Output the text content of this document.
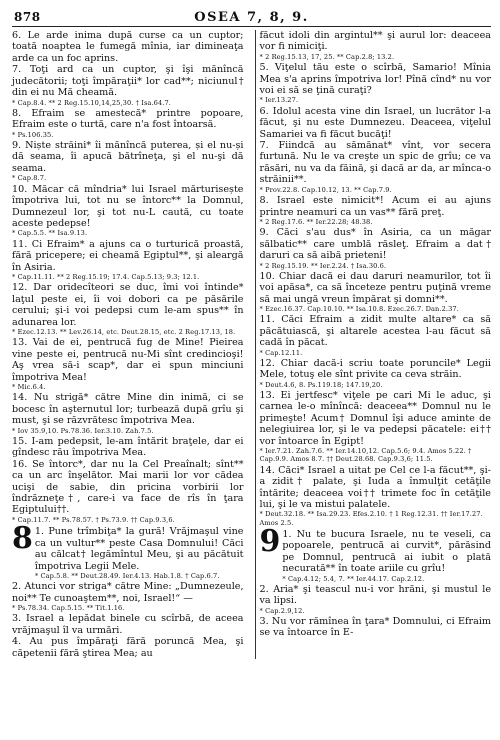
878	OSEA 7, 8, 9.

6. Le arde inima după curse ca un cuptor; toată noaptea le fumegă mînia, iar dimineaţa arde ca un foc aprins.

7. Toţi ard ca un cuptor, şi îşi mănîncă judecătorii; toţi împăraţii* lor cad**; niciunul† din ei nu Mă cheamă.

* Cap.8.4. ** 2 Reg.15.10,14,25,30. † Isa.64.7.

8. Efraim se amestecă* printre popoare, Efraim este o turtă, care n'a fost întoarsă.

* Ps.106.35.

9. Niște străini* îi mănîncă puterea, și el nu-și dă seama, îi apucă bătrîneţa, şi el nu-şi dă seama.

* Cap.8.7.

10. Măcar că mîndria* lui Israel mărturisește împotriva lui, tot nu se întorc** la Domnul, Dumnezeul lor, şi tot nu-L caută, cu toate aceste pedepse!

* Cap.5.5. ** Isa.9.13.

11. Ci Efraim* a ajuns ca o turturică proastă, fără pricepere; ei cheamă Egiptul**, şi aleargă în Asiria.

* Cap.11.11. ** 2 Reg.15.19; 17.4. Cap.5.13; 9.3; 12.1.

12. Dar oridecîteori se duc, îmi voi întinde* laţul peste ei, îi voi dobori ca pe păsările cerului; şi-i voi pedepsi cum le-am spus** în adunarea lor.

* Ezec.12.13. ** Lev.26.14, etc. Deut.28.15, etc. 2 Reg.17.13, 18.

13. Vai de ei, pentrucă fug de Mine! Pieirea vine peste ei, pentrucă nu-Mi sînt credincioşi! Aş vrea să-i scap*, dar ei spun minciuni împotriva Mea!

* Mic.6.4.

14. Nu strigă* către Mine din inimă, ci se bocesc în aşternutul lor; turbează după grîu şi must, şi se răzvrătesc împotriva Mea.

* Iov 35.9,10. Ps.78.36. Ier.3.10. Zah.7.5.

15. I-am pedepsit, le-am întărit braţele, dar ei gîndesc rău împotriva Mea.

16. Se întorc*, dar nu la Cel Preaînalt; sînt** ca un arc înşelător. Mai marii lor vor cădea ucişi de sabie, din pricina vorbirii lor îndrăzneţe†, care-i va face de rîs în ţara Egiptului††.

* Cap.11.7. ** Ps.78.57. † Ps.73.9. †† Cap.9.3,6.

8 1. Pune trîmbiţa* la gură! Vrăjmaşul vine ca un vultur** peste Casa Domnului! Căci au călcat† legămîntul Meu, şi au păcătuit împotriva Legii Mele.

* Cap.5.8. ** Deut.28.49. Ier.4.13. Hab.1.8. † Cap.6.7.

2. Atunci vor striga* către Mine: „Dumnezeule, noi** Te cunoaştem**, noi, Israel!“ —

* Ps.78.34. Cap.5.15. ** Tit.1.16.

3. Israel a lepădat binele cu scîrbă, de aceea vrăjmaşul îl va urmări.

4. Au pus împăraţi fără poruncă Mea, şi căpetenii fără ştirea Mea; au

făcut idoli din argintul** şi aurul lor: deaceea vor fi nimiciţi.

* 2 Reg.15.13, 17, 25. ** Cap.2.8; 13.2.

5. Viţelul tău este o scîrbă, Samario! Mînia Mea s'a aprins împotriva lor! Pînă cînd* nu vor voi ei să se ţină curaţi?

* Ier.13.27.

6. Idolul acesta vine din Israel, un lucrător l-a făcut, şi nu este Dumnezeu. Deaceea, viţelul Samariei va fi făcut bucăţi!

7. Fiindcă au sămănat* vînt, vor secera furtună. Nu le va creşte un spic de grîu; ce va răsări, nu va da făină, şi dacă ar da, ar mînca-o străinii**.

* Prov.22.8. Cap.10.12, 13. ** Cap.7.9.

8. Israel este nimicit*! Acum ei au ajuns printre neamuri ca un vas** fără preţ.

* 2 Reg.17.6. ** Ier.22.28; 48.38.

9. Căci s'au dus* în Asiria, ca un măgar sălbatic** care umblă răsleţ. Efraim a dat† daruri ca să aibă prieteni!

* 2 Reg.15.19. ** Ier.2.24. † Isa.30.6.

10. Chiar dacă ei dau daruri neamurilor, tot îi voi apăsa*, ca să înceteze pentru puţină vreme să mai ungă vreun împărat şi domni**.

* Ezec.16.37. Cap.10.10. ** Isa.10.8. Ezec.26.7. Dan.2.37.

11. Căci Efraim a zidit multe altare* ca să păcătuiască, şi altarele acestea l-au făcut să cadă în păcat.

* Cap.12.11.

12. Chiar dacă-i scriu toate poruncile* Legii Mele, totuş ele sînt privite ca ceva străin.

* Deut.4.6, 8. Ps.119.18; 147.19,20.

13. Ei jertfesc* viţele pe cari Mi le aduc, şi carnea le-o mînîncă: deaceea** Domnul nu le primeşte! Acum† Domnul îşi aduce aminte de nelegiuirea lor, şi le va pedepsi păcatele: ei†† vor întoarce în Egipt!

* Ier.7.21. Zah.7.6. ** Ier.14.10,12. Cap.5.6; 9.4. Amos 5.22. † Cap.9.9. Amos 8.7. †† Deut.28.68. Cap.9.3,6; 11.5.

14. Căci* Israel a uitat pe Cel ce l-a făcut**, şi-a zidit† palate, şi Iuda a înmulţit cetăţile întărite; deaceea voi†† trimete foc în cetăţile lui, şi le va mistui palatele.

* Deut.32.18. ** Isa.29.23. Efes.2.10. † 1 Reg.12.31. †† Ier.17.27. Amos 2.5.

9 1. Nu te bucura Israele, nu te veseli, ca popoarele, pentrucă ai curvit*, părăsind pe Domnul, pentrucă ai iubit o plată necurată** în toate ariile cu grîu!

* Cap.4.12; 5.4, 7. ** Ier.44.17. Cap.2.12.

2. Aria* şi teascul nu-i vor hrăni, şi mustul le va lipsi.

* Cap.2.9,12.

3. Nu vor rămînea în ţara* Domnului, ci Efraim se va întoarce în E-
